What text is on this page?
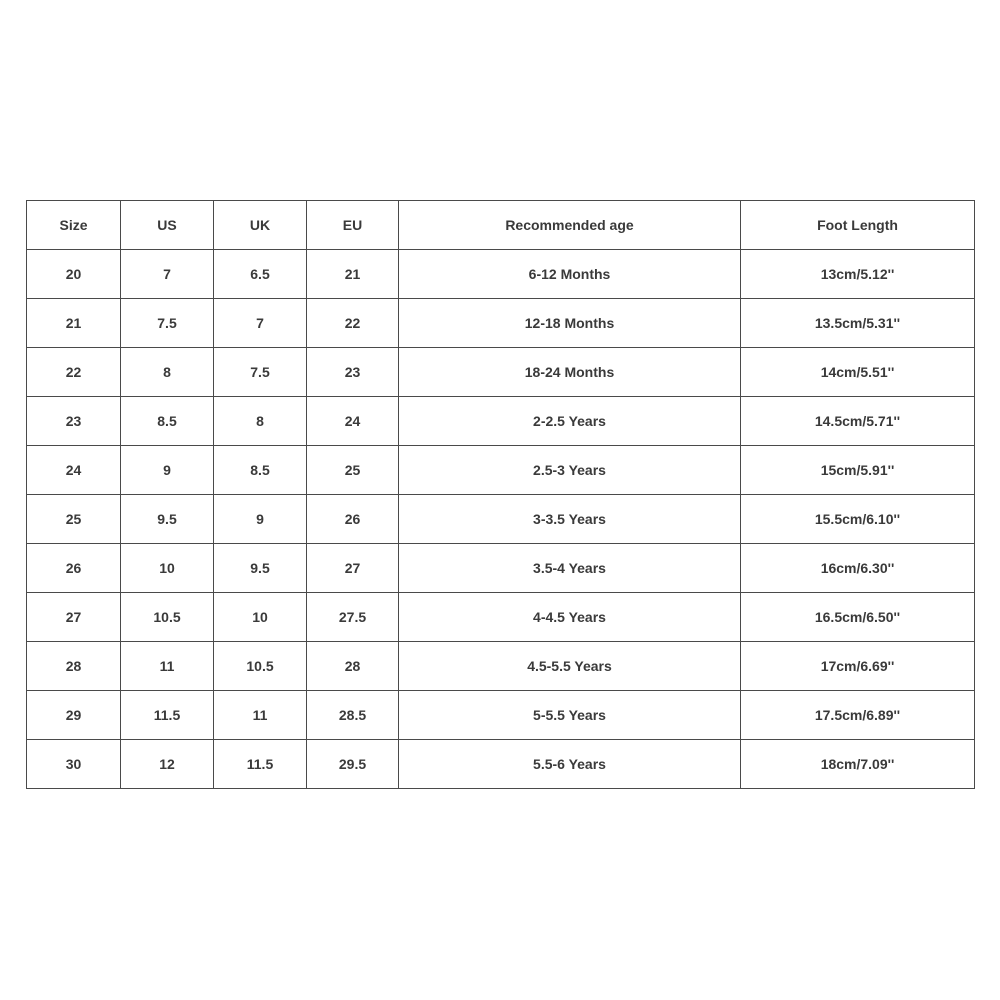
Size	US	UK	EU	Recommended age	Foot Length
20	7	6.5	21	6-12 Months	13cm/5.12''
21	7.5	7	22	12-18 Months	13.5cm/5.31''
22	8	7.5	23	18-24 Months	14cm/5.51''
23	8.5	8	24	2-2.5 Years	14.5cm/5.71''
24	9	8.5	25	2.5-3 Years	15cm/5.91''
25	9.5	9	26	3-3.5 Years	15.5cm/6.10''
26	10	9.5	27	3.5-4 Years	16cm/6.30''
27	10.5	10	27.5	4-4.5 Years	16.5cm/6.50''
28	11	10.5	28	4.5-5.5 Years	17cm/6.69''
29	11.5	11	28.5	5-5.5 Years	17.5cm/6.89''
30	12	11.5	29.5	5.5-6 Years	18cm/7.09''
